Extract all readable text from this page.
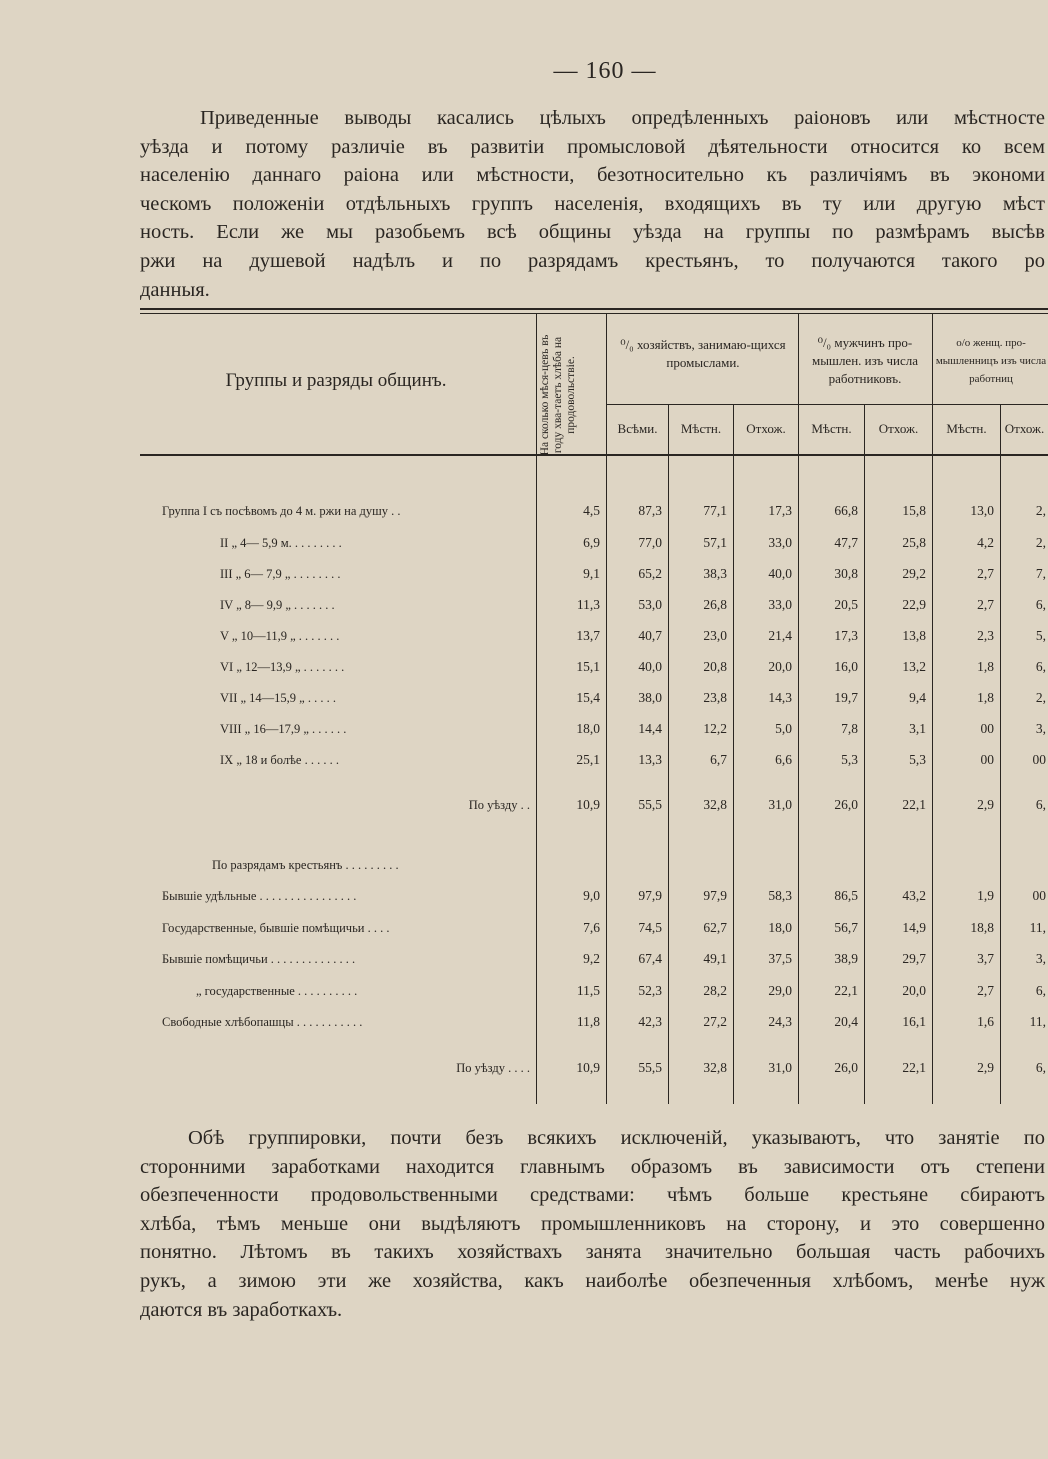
— 160 —
Приведенные выводы касались цѣлыхъ опредѣленныхъ раіоновъ или мѣстносте
уѣзда и потому различіе въ развитіи промысловой дѣятельности относится ко всем
населенію даннаго раіона или мѣстности, безотносительно къ различіямъ въ экономи
ческомъ положеніи отдѣльныхъ группъ населенія, входящихъ въ ту или другую мѣст
ность. Если же мы разобьемъ всѣ общины уѣзда на группы по размѣрамъ высѣв
ржи на душевой надѣлъ и по разрядамъ крестьянъ, то получаются такого ро
данныя.
Группы и разряды общинъ.	На сколько мѣся-цевъ въ году хва-таетъ хлѣба на продовольствіе.
⁰/₀ хозяйствъ, занимаю-щихся промыслами.
⁰/₀ мужчинъ про-мышлен. изъ числа работниковъ.
o/o женщ. про-мышленницъ изъ числа работниц
Всѣми.	Мѣстн.	Отхож.	Мѣстн.	Отхож.	Мѣстн.	Отхож.
Группа I съ посѣвомъ до 4 м. ржи на душу . .	4,5	87,3	77,1	17,3	66,8	15,8	13,0	2,
II „ 4— 5,9 м. . . . . . . . .	6,9	77,0	57,1	33,0	47,7	25,8	4,2	2,
III „ 6— 7,9 „ . . . . . . . .	9,1	65,2	38,3	40,0	30,8	29,2	2,7	7,
IV „ 8— 9,9 „ . . . . . . .	11,3	53,0	26,8	33,0	20,5	22,9	2,7	6,
V „ 10—11,9 „ . . . . . . .	13,7	40,7	23,0	21,4	17,3	13,8	2,3	5,
VI „ 12—13,9 „ . . . . . . .	15,1	40,0	20,8	20,0	16,0	13,2	1,8	6,
VII „ 14—15,9 „ . . . . .	15,4	38,0	23,8	14,3	19,7	9,4	1,8	2,
VIII „ 16—17,9 „ . . . . . .	18,0	14,4	12,2	5,0	7,8	3,1	00	3,
IX „ 18 и болѣе . . . . . .	25,1	13,3	6,7	6,6	5,3	5,3	00	00
По уѣзду . .	10,9	55,5	32,8	31,0	26,0	22,1	2,9	6,
По разрядамъ крестьянъ . . . . . . . . .
Бывшіе удѣльные . . . . . . . . . . . . . . . .	9,0	97,9	97,9	58,3	86,5	43,2	1,9	00
Государственные, бывшіе помѣщичьи . . . .	7,6	74,5	62,7	18,0	56,7	14,9	18,8	11,
Бывшіе помѣщичьи . . . . . . . . . . . . . .	9,2	67,4	49,1	37,5	38,9	29,7	3,7	3,
„ государственные . . . . . . . . . .	11,5	52,3	28,2	29,0	22,1	20,0	2,7	6,
Свободные хлѣбопашцы . . . . . . . . . . .	11,8	42,3	27,2	24,3	20,4	16,1	1,6	11,
По уѣзду . . . .	10,9	55,5	32,8	31,0	26,0	22,1	2,9	6,
Обѣ группировки, почти безъ всякихъ исключеній, указываютъ, что занятіе по
сторонними заработками находится главнымъ образомъ въ зависимости отъ степени
обезпеченности продовольственными средствами: чѣмъ больше крестьяне сбираютъ
хлѣба, тѣмъ меньше они выдѣляютъ промышленниковъ на сторону, и это совершенно
понятно. Лѣтомъ въ такихъ хозяйствахъ занята значительно большая часть рабочихъ
рукъ, а зимою эти же хозяйства, какъ наиболѣе обезпеченныя хлѣбомъ, менѣе нуж
даются въ заработкахъ.
